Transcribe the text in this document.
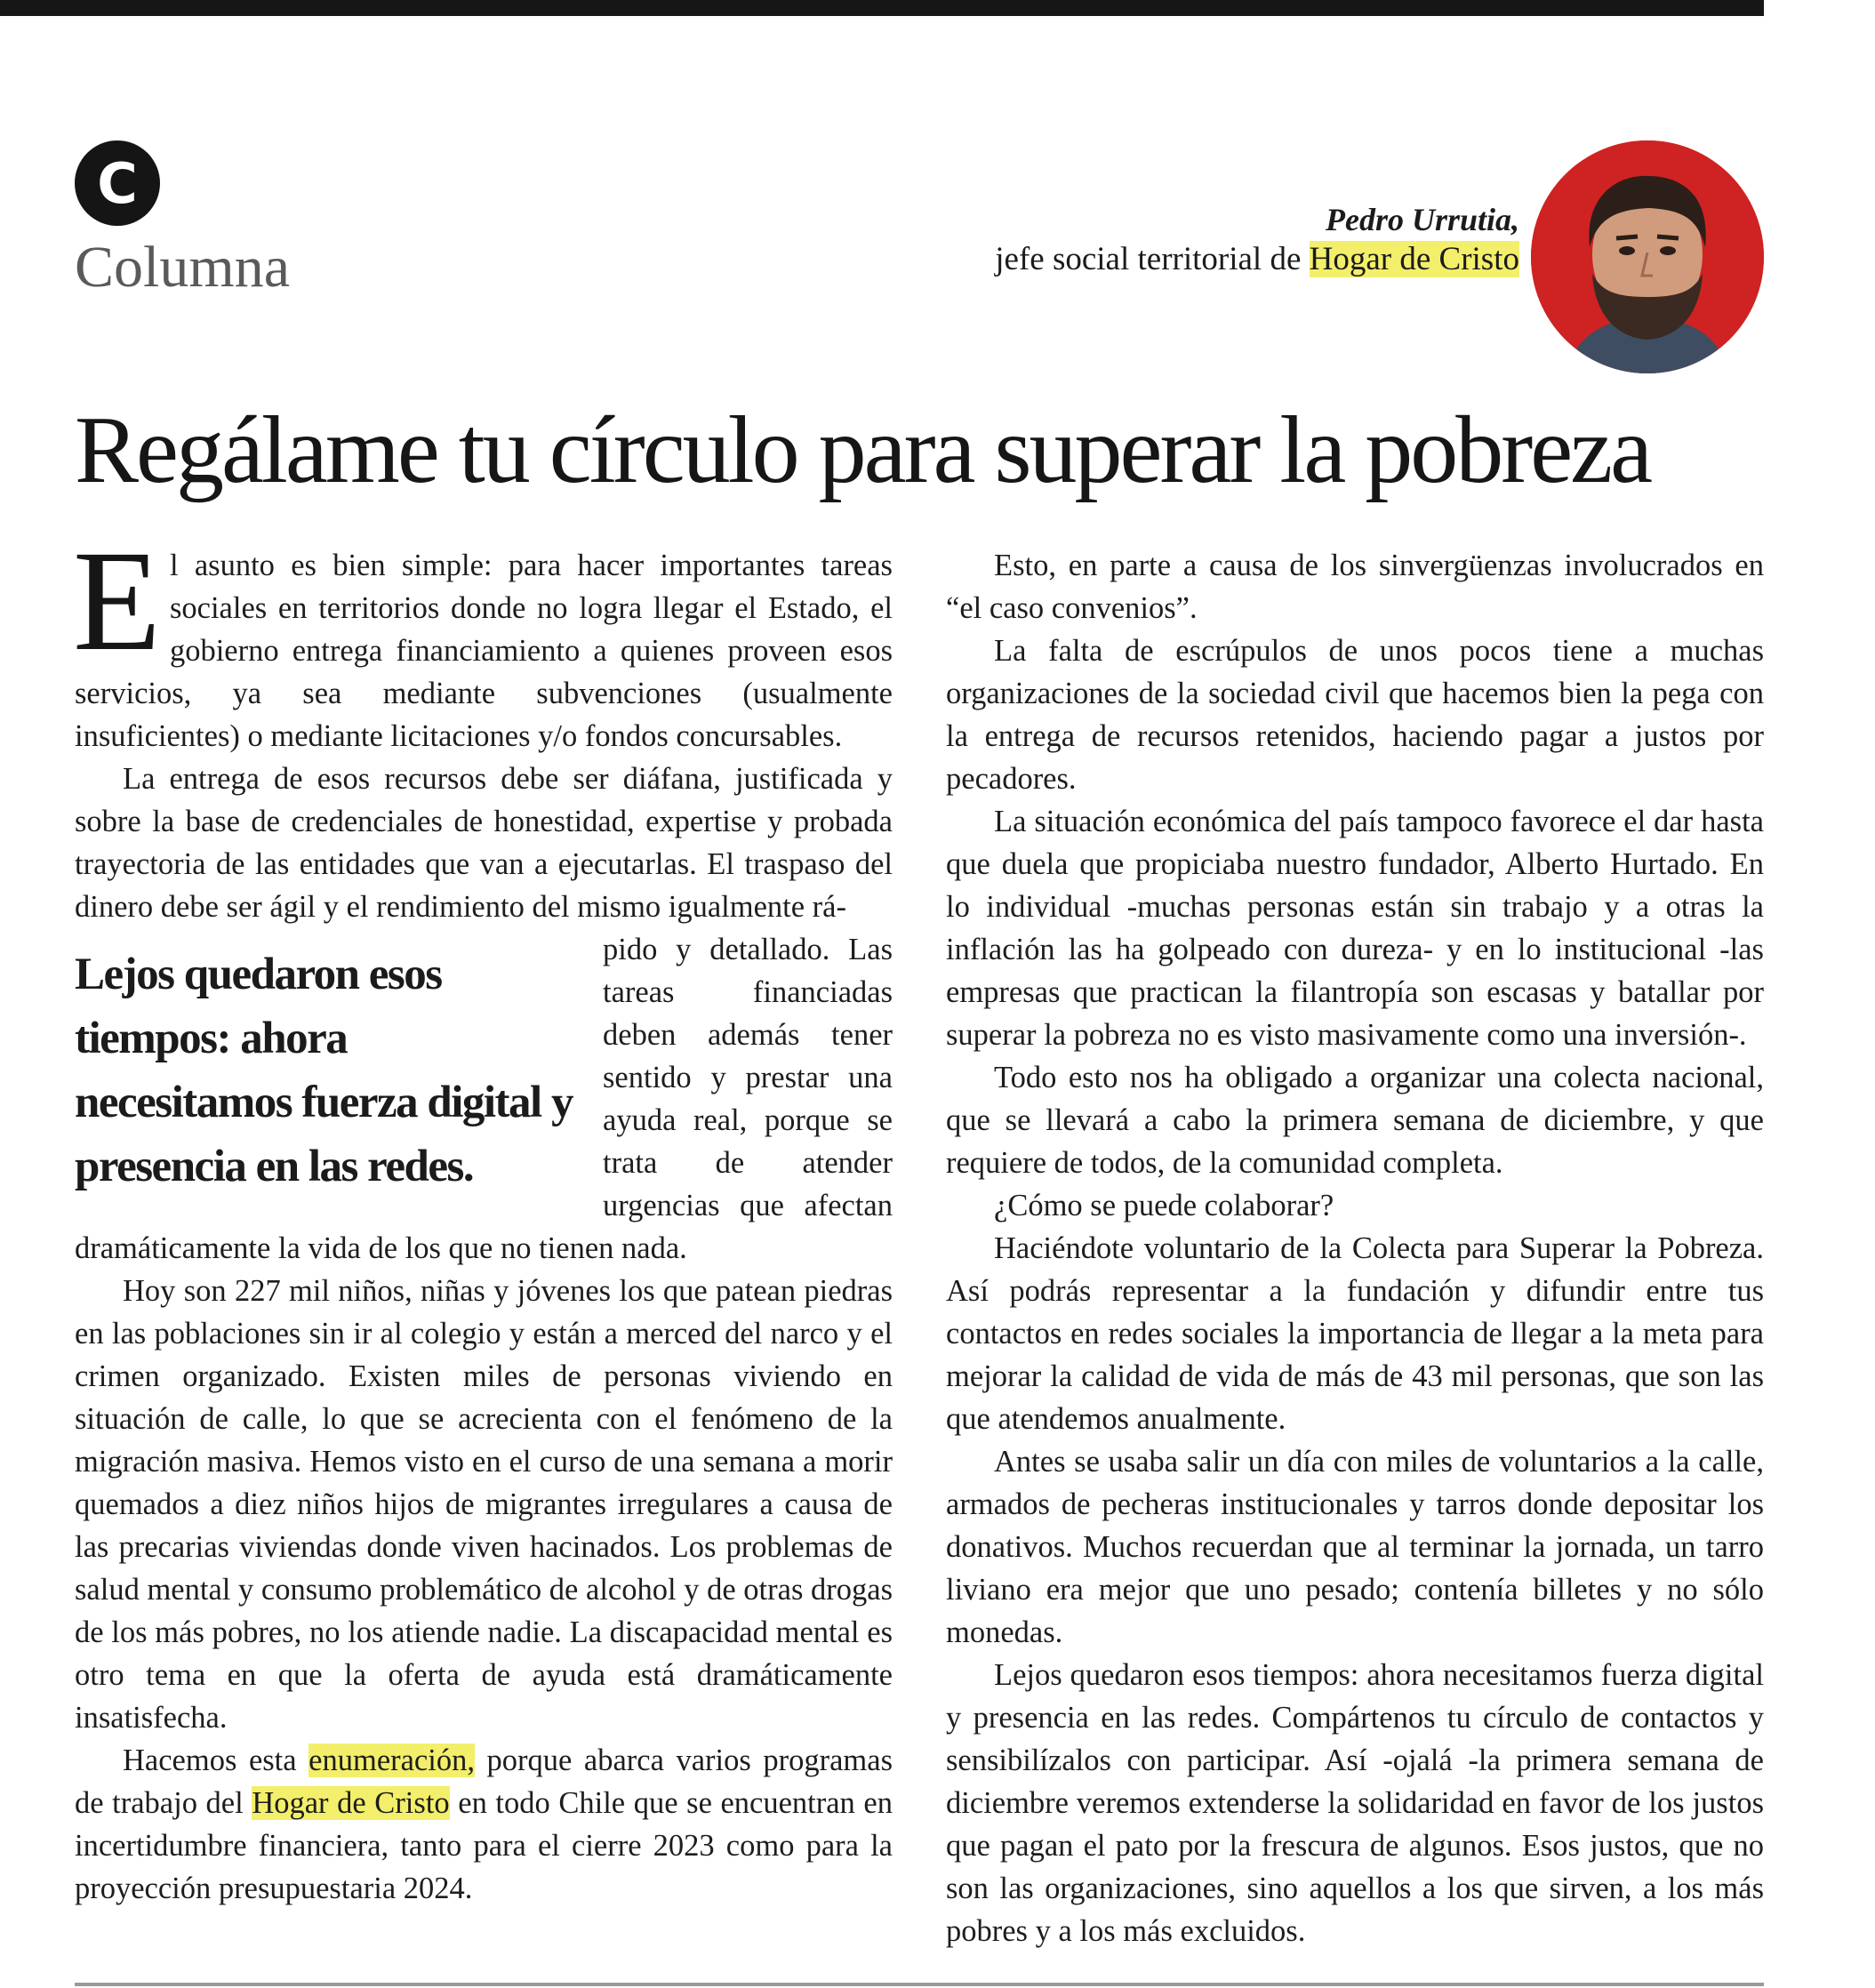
C
Columna
Pedro Urrutia,
jefe social territorial de Hogar de Cristo
Regálame tu círculo para superar la pobreza

El asunto es bien simple: para hacer importantes tareas sociales en territorios donde no logra llegar el Estado, el gobierno entrega financiamiento a quienes proveen esos servicios, ya sea mediante subvenciones (usualmente insuficientes) o mediante licitaciones y/o fondos concursables.

La entrega de esos recursos debe ser diáfana, justificada y sobre la base de credenciales de honestidad, expertise y probada trayectoria de las entidades que van a ejecutarlas. El traspaso del dinero debe ser ágil y el rendimiento del mismo igualmente rá-

Lejos quedaron esos tiempos: ahora necesitamos fuerza digital y presencia en las redes.

pido y detallado. Las tareas financiadas deben además tener sentido y prestar una ayuda real, porque se trata de atender urgencias que afectan dramáticamente la vida de los que no tienen nada.

Hoy son 227 mil niños, niñas y jóvenes los que patean piedras en las poblaciones sin ir al colegio y están a merced del narco y el crimen organizado. Existen miles de personas viviendo en situación de calle, lo que se acrecienta con el fenómeno de la migración masiva. Hemos visto en el curso de una semana a morir quemados a diez niños hijos de migrantes irregulares a causa de las precarias viviendas donde viven hacinados. Los problemas de salud mental y consumo problemático de alcohol y de otras drogas de los más pobres, no los atiende nadie. La discapacidad mental es otro tema en que la oferta de ayuda está dramáticamente insatisfecha.

Hacemos esta enumeración, porque abarca varios programas de trabajo del Hogar de Cristo en todo Chile que se encuentran en incertidumbre financiera, tanto para el cierre 2023 como para la proyección presupuestaria 2024.

Esto, en parte a causa de los sinvergüenzas involucrados en “el caso convenios”.

La falta de escrúpulos de unos pocos tiene a muchas organizaciones de la sociedad civil que hacemos bien la pega con la entrega de recursos retenidos, haciendo pagar a justos por pecadores.

La situación económica del país tampoco favorece el dar hasta que duela que propiciaba nuestro fundador, Alberto Hurtado. En lo individual -muchas personas están sin trabajo y a otras la inflación las ha golpeado con dureza- y en lo institucional -las empresas que practican la filantropía son escasas y batallar por superar la pobreza no es visto masivamente como una inversión-.

Todo esto nos ha obligado a organizar una colecta nacional, que se llevará a cabo la primera semana de diciembre, y que requiere de todos, de la comunidad completa.

¿Cómo se puede colaborar?

Haciéndote voluntario de la Colecta para Superar la Pobreza. Así podrás representar a la fundación y difundir entre tus contactos en redes sociales la importancia de llegar a la meta para mejorar la calidad de vida de más de 43 mil personas, que son las que atendemos anualmente.

Antes se usaba salir un día con miles de voluntarios a la calle, armados de pecheras institucionales y tarros donde depositar los donativos. Muchos recuerdan que al terminar la jornada, un tarro liviano era mejor que uno pesado; contenía billetes y no sólo monedas.

Lejos quedaron esos tiempos: ahora necesitamos fuerza digital y presencia en las redes. Compártenos tu círculo de contactos y sensibilízalos con participar. Así -ojalá -la primera semana de diciembre veremos extenderse la solidaridad en favor de los justos que pagan el pato por la frescura de algunos. Esos justos, que no son las organizaciones, sino aquellos a los que sirven, a los más pobres y a los más excluidos.
